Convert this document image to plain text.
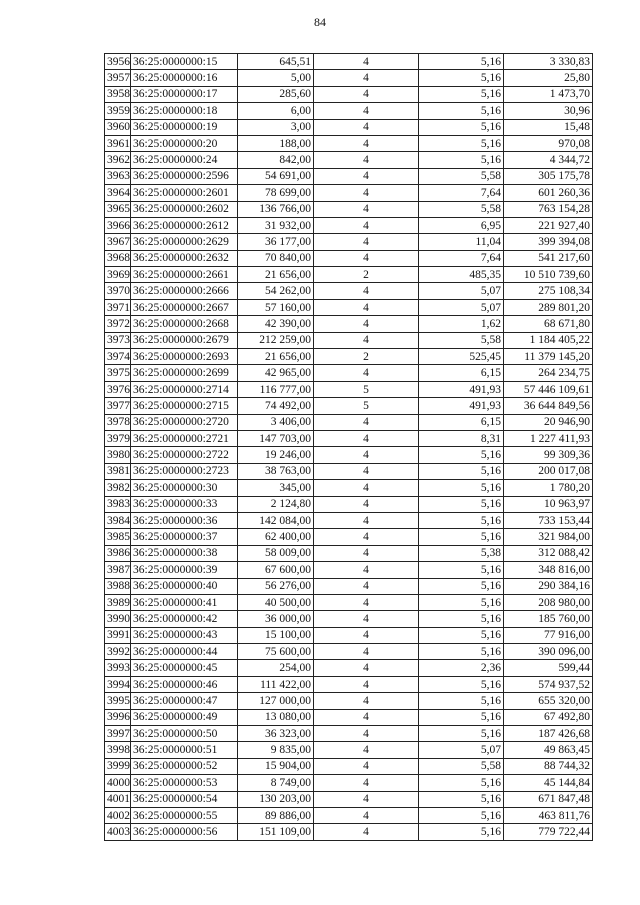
84
3956	36:25:0000000:15	645,51	4	5,16	3 330,83
3957	36:25:0000000:16	5,00	4	5,16	25,80
3958	36:25:0000000:17	285,60	4	5,16	1 473,70
3959	36:25:0000000:18	6,00	4	5,16	30,96
3960	36:25:0000000:19	3,00	4	5,16	15,48
3961	36:25:0000000:20	188,00	4	5,16	970,08
3962	36:25:0000000:24	842,00	4	5,16	4 344,72
3963	36:25:0000000:2596	54 691,00	4	5,58	305 175,78
3964	36:25:0000000:2601	78 699,00	4	7,64	601 260,36
3965	36:25:0000000:2602	136 766,00	4	5,58	763 154,28
3966	36:25:0000000:2612	31 932,00	4	6,95	221 927,40
3967	36:25:0000000:2629	36 177,00	4	11,04	399 394,08
3968	36:25:0000000:2632	70 840,00	4	7,64	541 217,60
3969	36:25:0000000:2661	21 656,00	2	485,35	10 510 739,60
3970	36:25:0000000:2666	54 262,00	4	5,07	275 108,34
3971	36:25:0000000:2667	57 160,00	4	5,07	289 801,20
3972	36:25:0000000:2668	42 390,00	4	1,62	68 671,80
3973	36:25:0000000:2679	212 259,00	4	5,58	1 184 405,22
3974	36:25:0000000:2693	21 656,00	2	525,45	11 379 145,20
3975	36:25:0000000:2699	42 965,00	4	6,15	264 234,75
3976	36:25:0000000:2714	116 777,00	5	491,93	57 446 109,61
3977	36:25:0000000:2715	74 492,00	5	491,93	36 644 849,56
3978	36:25:0000000:2720	3 406,00	4	6,15	20 946,90
3979	36:25:0000000:2721	147 703,00	4	8,31	1 227 411,93
3980	36:25:0000000:2722	19 246,00	4	5,16	99 309,36
3981	36:25:0000000:2723	38 763,00	4	5,16	200 017,08
3982	36:25:0000000:30	345,00	4	5,16	1 780,20
3983	36:25:0000000:33	2 124,80	4	5,16	10 963,97
3984	36:25:0000000:36	142 084,00	4	5,16	733 153,44
3985	36:25:0000000:37	62 400,00	4	5,16	321 984,00
3986	36:25:0000000:38	58 009,00	4	5,38	312 088,42
3987	36:25:0000000:39	67 600,00	4	5,16	348 816,00
3988	36:25:0000000:40	56 276,00	4	5,16	290 384,16
3989	36:25:0000000:41	40 500,00	4	5,16	208 980,00
3990	36:25:0000000:42	36 000,00	4	5,16	185 760,00
3991	36:25:0000000:43	15 100,00	4	5,16	77 916,00
3992	36:25:0000000:44	75 600,00	4	5,16	390 096,00
3993	36:25:0000000:45	254,00	4	2,36	599,44
3994	36:25:0000000:46	111 422,00	4	5,16	574 937,52
3995	36:25:0000000:47	127 000,00	4	5,16	655 320,00
3996	36:25:0000000:49	13 080,00	4	5,16	67 492,80
3997	36:25:0000000:50	36 323,00	4	5,16	187 426,68
3998	36:25:0000000:51	9 835,00	4	5,07	49 863,45
3999	36:25:0000000:52	15 904,00	4	5,58	88 744,32
4000	36:25:0000000:53	8 749,00	4	5,16	45 144,84
4001	36:25:0000000:54	130 203,00	4	5,16	671 847,48
4002	36:25:0000000:55	89 886,00	4	5,16	463 811,76
4003	36:25:0000000:56	151 109,00	4	5,16	779 722,44
